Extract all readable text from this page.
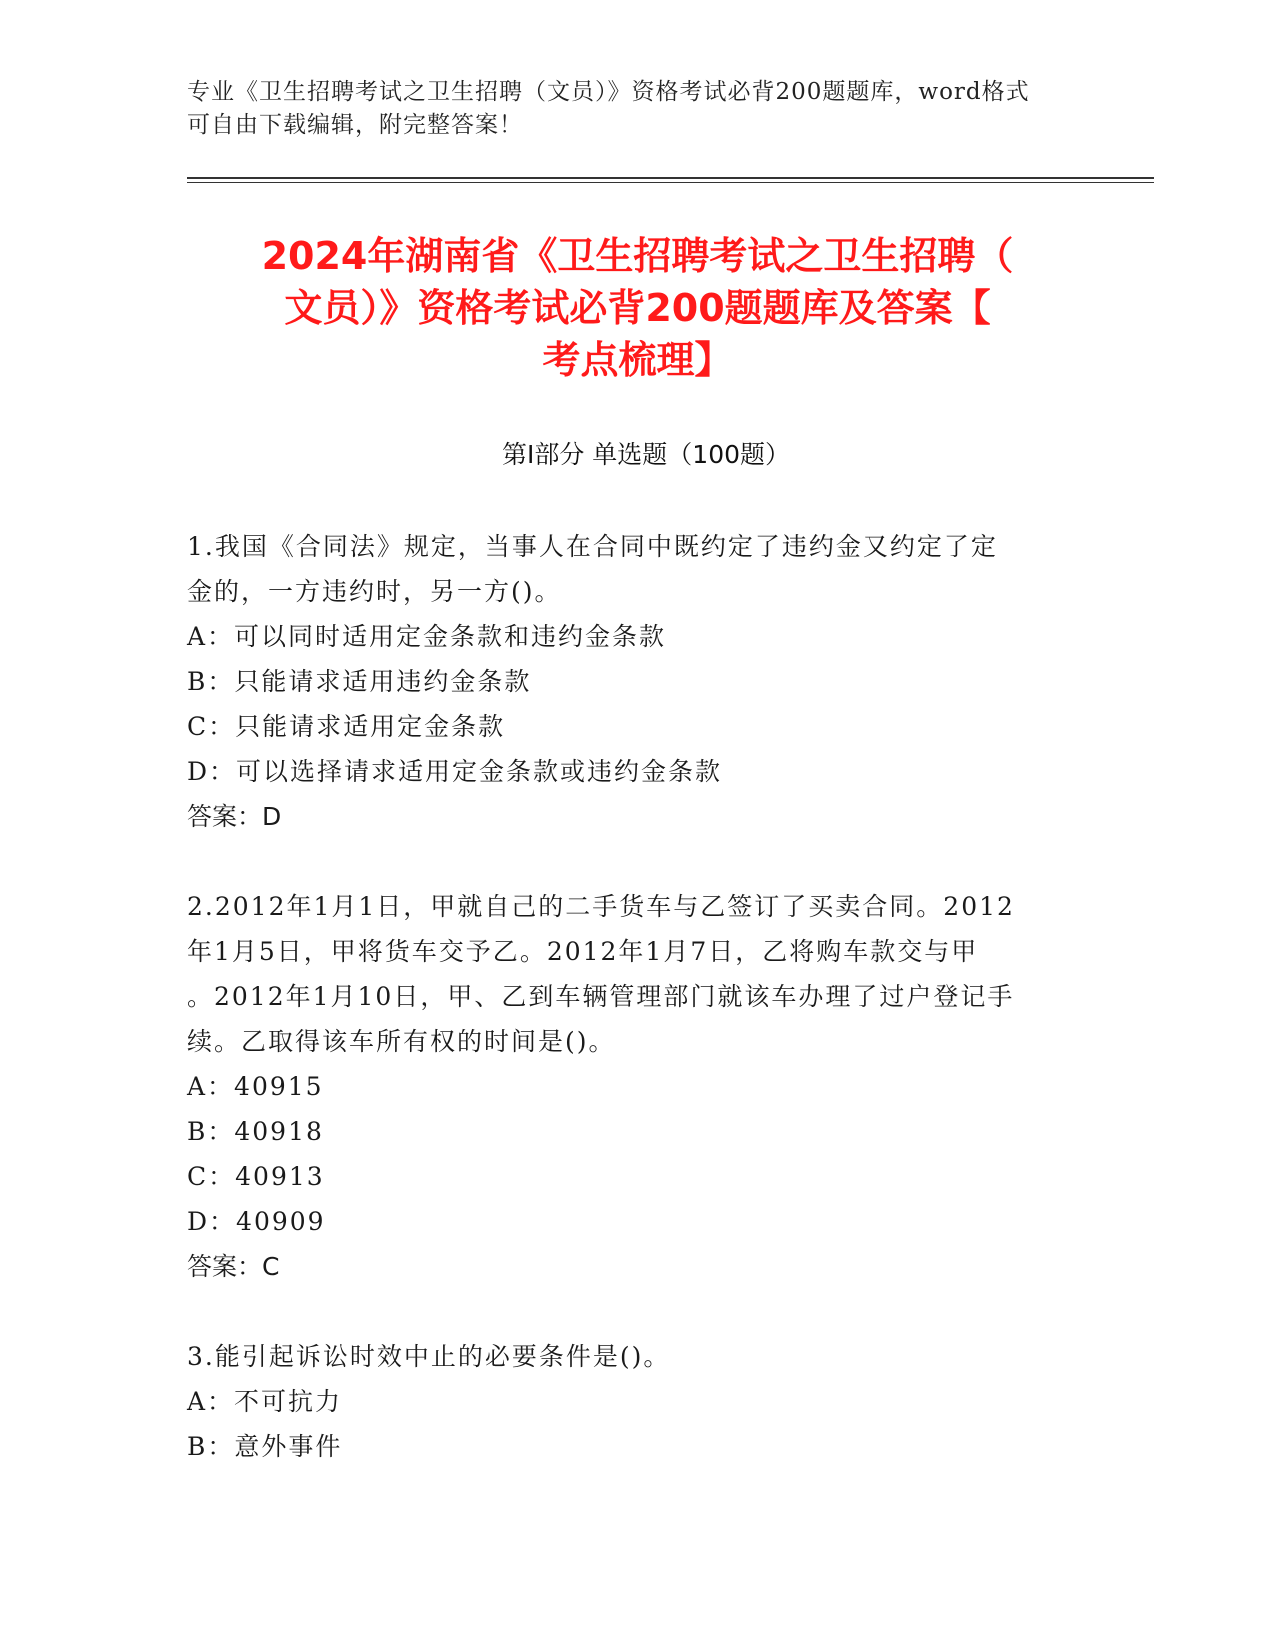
专业《卫生招聘考试之卫生招聘（文员）》资格考试必背200题题库，word格式
可自由下载编辑，附完整答案！
2024年湖南省《卫生招聘考试之卫生招聘（
文员）》资格考试必背200题题库及答案【
考点梳理】
第Ⅰ部分 单选题（100题）

1.我国《合同法》规定，当事人在合同中既约定了违约金又约定了定

金的，一方违约时，另一方()。

A：可以同时适用定金条款和违约金条款

B：只能请求适用违约金条款

C：只能请求适用定金条款

D：可以选择请求适用定金条款或违约金条款

答案：D

2.2012年1月1日，甲就自己的二手货车与乙签订了买卖合同。2012

年1月5日，甲将货车交予乙。2012年1月7日，乙将购车款交与甲

。2012年1月10日，甲、乙到车辆管理部门就该车办理了过户登记手

续。乙取得该车所有权的时间是()。

A：40915

B：40918

C：40913

D：40909

答案：C

3.能引起诉讼时效中止的必要条件是()。

A：不可抗力

B：意外事件
